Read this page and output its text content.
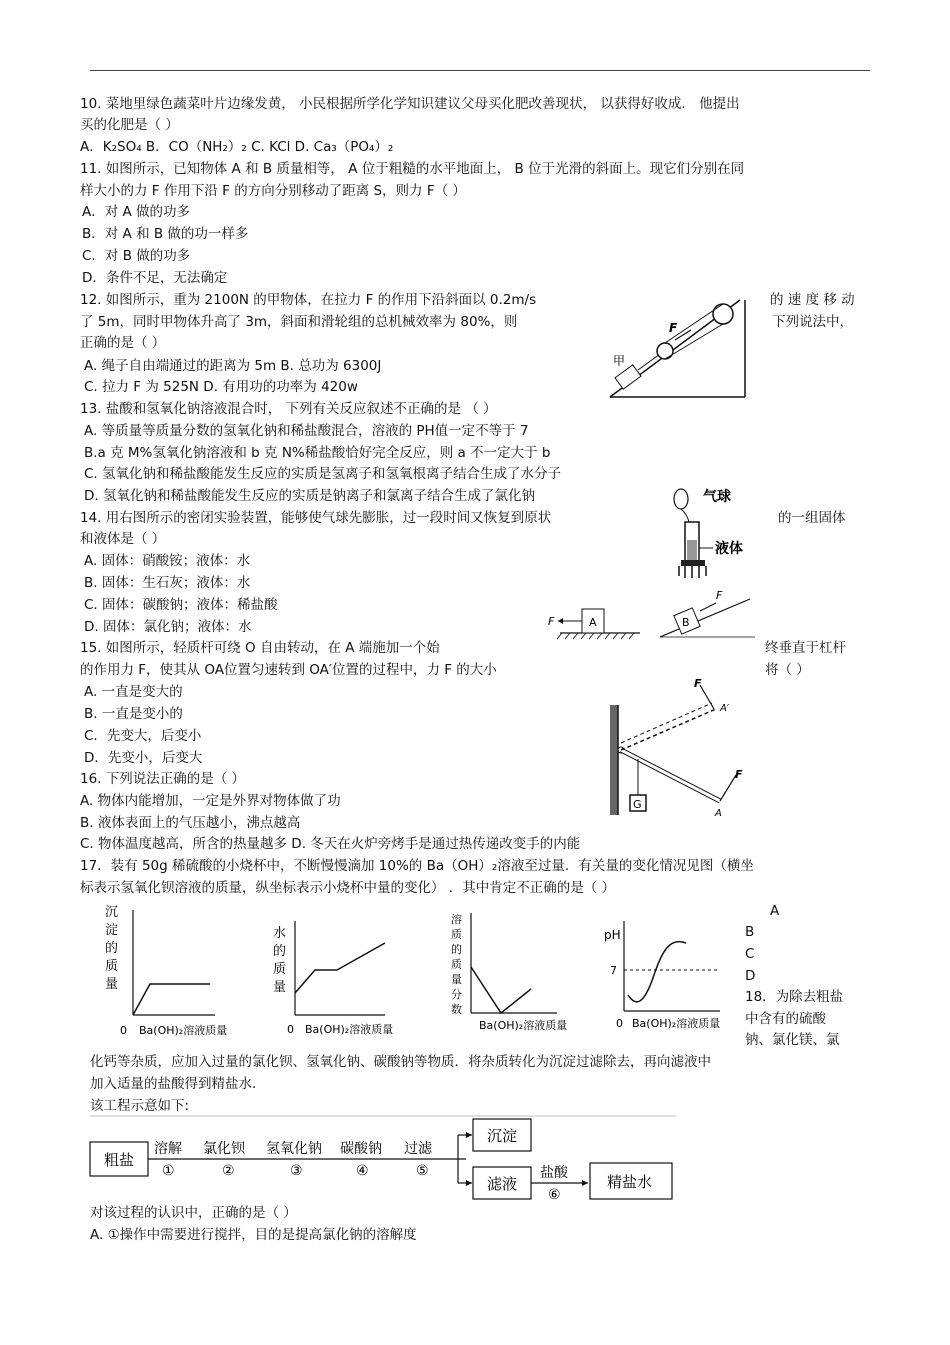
10. 菜地里绿色蔬菜叶片边缘发黄， 小民根据所学化学知识建议父母买化肥改善现状， 以获得好收成． 他提出
买的化肥是（ ）
A．K₂SO₄ B．CO（NH₂）₂ C. KCl D. Ca₃（PO₄）₂
11. 如图所示，已知物体 A 和 B 质量相等， A 位于粗糙的水平地面上， B 位于光滑的斜面上。现它们分别在同
样大小的力 F 作用下沿 F 的方向分别移动了距离 S，则力 F（ ）
A．对 A 做的功多
B．对 A 和 B 做的功一样多
C．对 B 做的功多
D．条件不足，无法确定
12. 如图所示，重为 2100N 的甲物体，在拉力 F 的作用下沿斜面以 0.2m/s	的 速 度 移 动
了 5m，同时甲物体升高了 3m，斜面和滑轮组的总机械效率为 80%，则	下列说法中，
正确的是（ ）
A. 绳子自由端通过的距离为 5m B. 总功为 6300J
C. 拉力 F 为 525N D. 有用功的功率为 420w
F
甲
13. 盐酸和氢氧化钠溶液混合时， 下列有关反应叙述不正确的是 （ ）
A. 等质量等质量分数的氢氧化钠和稀盐酸混合，溶液的 PH值一定不等于 7
B.a 克 M%氢氧化钠溶液和 b 克 N%稀盐酸恰好完全反应，则 a 不一定大于 b
C. 氢氧化钠和稀盐酸能发生反应的实质是氢离子和氢氧根离子结合生成了水分子
D. 氢氧化钠和稀盐酸能发生反应的实质是钠离子和氯离子结合生成了氯化钠
14. 用右图所示的密闭实验装置，能够使气球先膨胀，过一段时间又恢复到原状	的一组固体
和液体是（ ）
A. 固体：硝酸铵；液体：水
B. 固体：生石灰；液体：水
C. 固体：碳酸钠；液体：稀盐酸
D. 固体：氯化钠；液体：水
气球
液体
A
F	B
F
15. 如图所示，轻质杆可绕 O 自由转动，在 A 端施加一个始	终垂直于杠杆
的作用力 F，使其从 OA位置匀速转到 OA′位置的过程中，力 F 的大小	将（ ）
A. 一直是变大的
B. 一直是变小的
C．先变大，后变小
D．先变小，后变大
G
F
A
F
A′
16. 下列说法正确的是（ ）
A. 物体内能增加，一定是外界对物体做了功
B. 液体表面上的气压越小，沸点越高
C. 物体温度越高，所含的热量越多 D. 冬天在火炉旁烤手是通过热传递改变手的内能
17．装有 50g 稀硫酸的小烧杯中，不断慢慢滴加 10%的 Ba（OH）₂溶液至过量．有关量的变化情况见图（横坐
标表示氢氧化钡溶液的质量，纵坐标表示小烧杯中量的变化） ．其中肯定不正确的是（ ）
沉
淀
的
质
量
0 Ba(OH)₂溶液质量
水
的
质
量
0 Ba(OH)₂溶液质量
溶
质
的
质
量
分
数
Ba(OH)₂溶液质量
pH
7
0 Ba(OH)₂溶液质量
A
B
C
D
18．为除去粗盐
中含有的硫酸
钠、氯化镁、氯
化钙等杂质，应加入过量的氯化钡、氢氧化钠、碳酸钠等物质．将杂质转化为沉淀过滤除去，再向滤液中
加入适量的盐酸得到精盐水．
该工程示意如下:
粗盐
溶解 氯化钡 氢氧化钠 碳酸钠 过滤
①	②	③	④	⑤
沉淀
滤液
盐酸
⑥
精盐水
对该过程的认识中，正确的是（ ）
A. ①操作中需要进行搅拌，目的是提高氯化钠的溶解度
